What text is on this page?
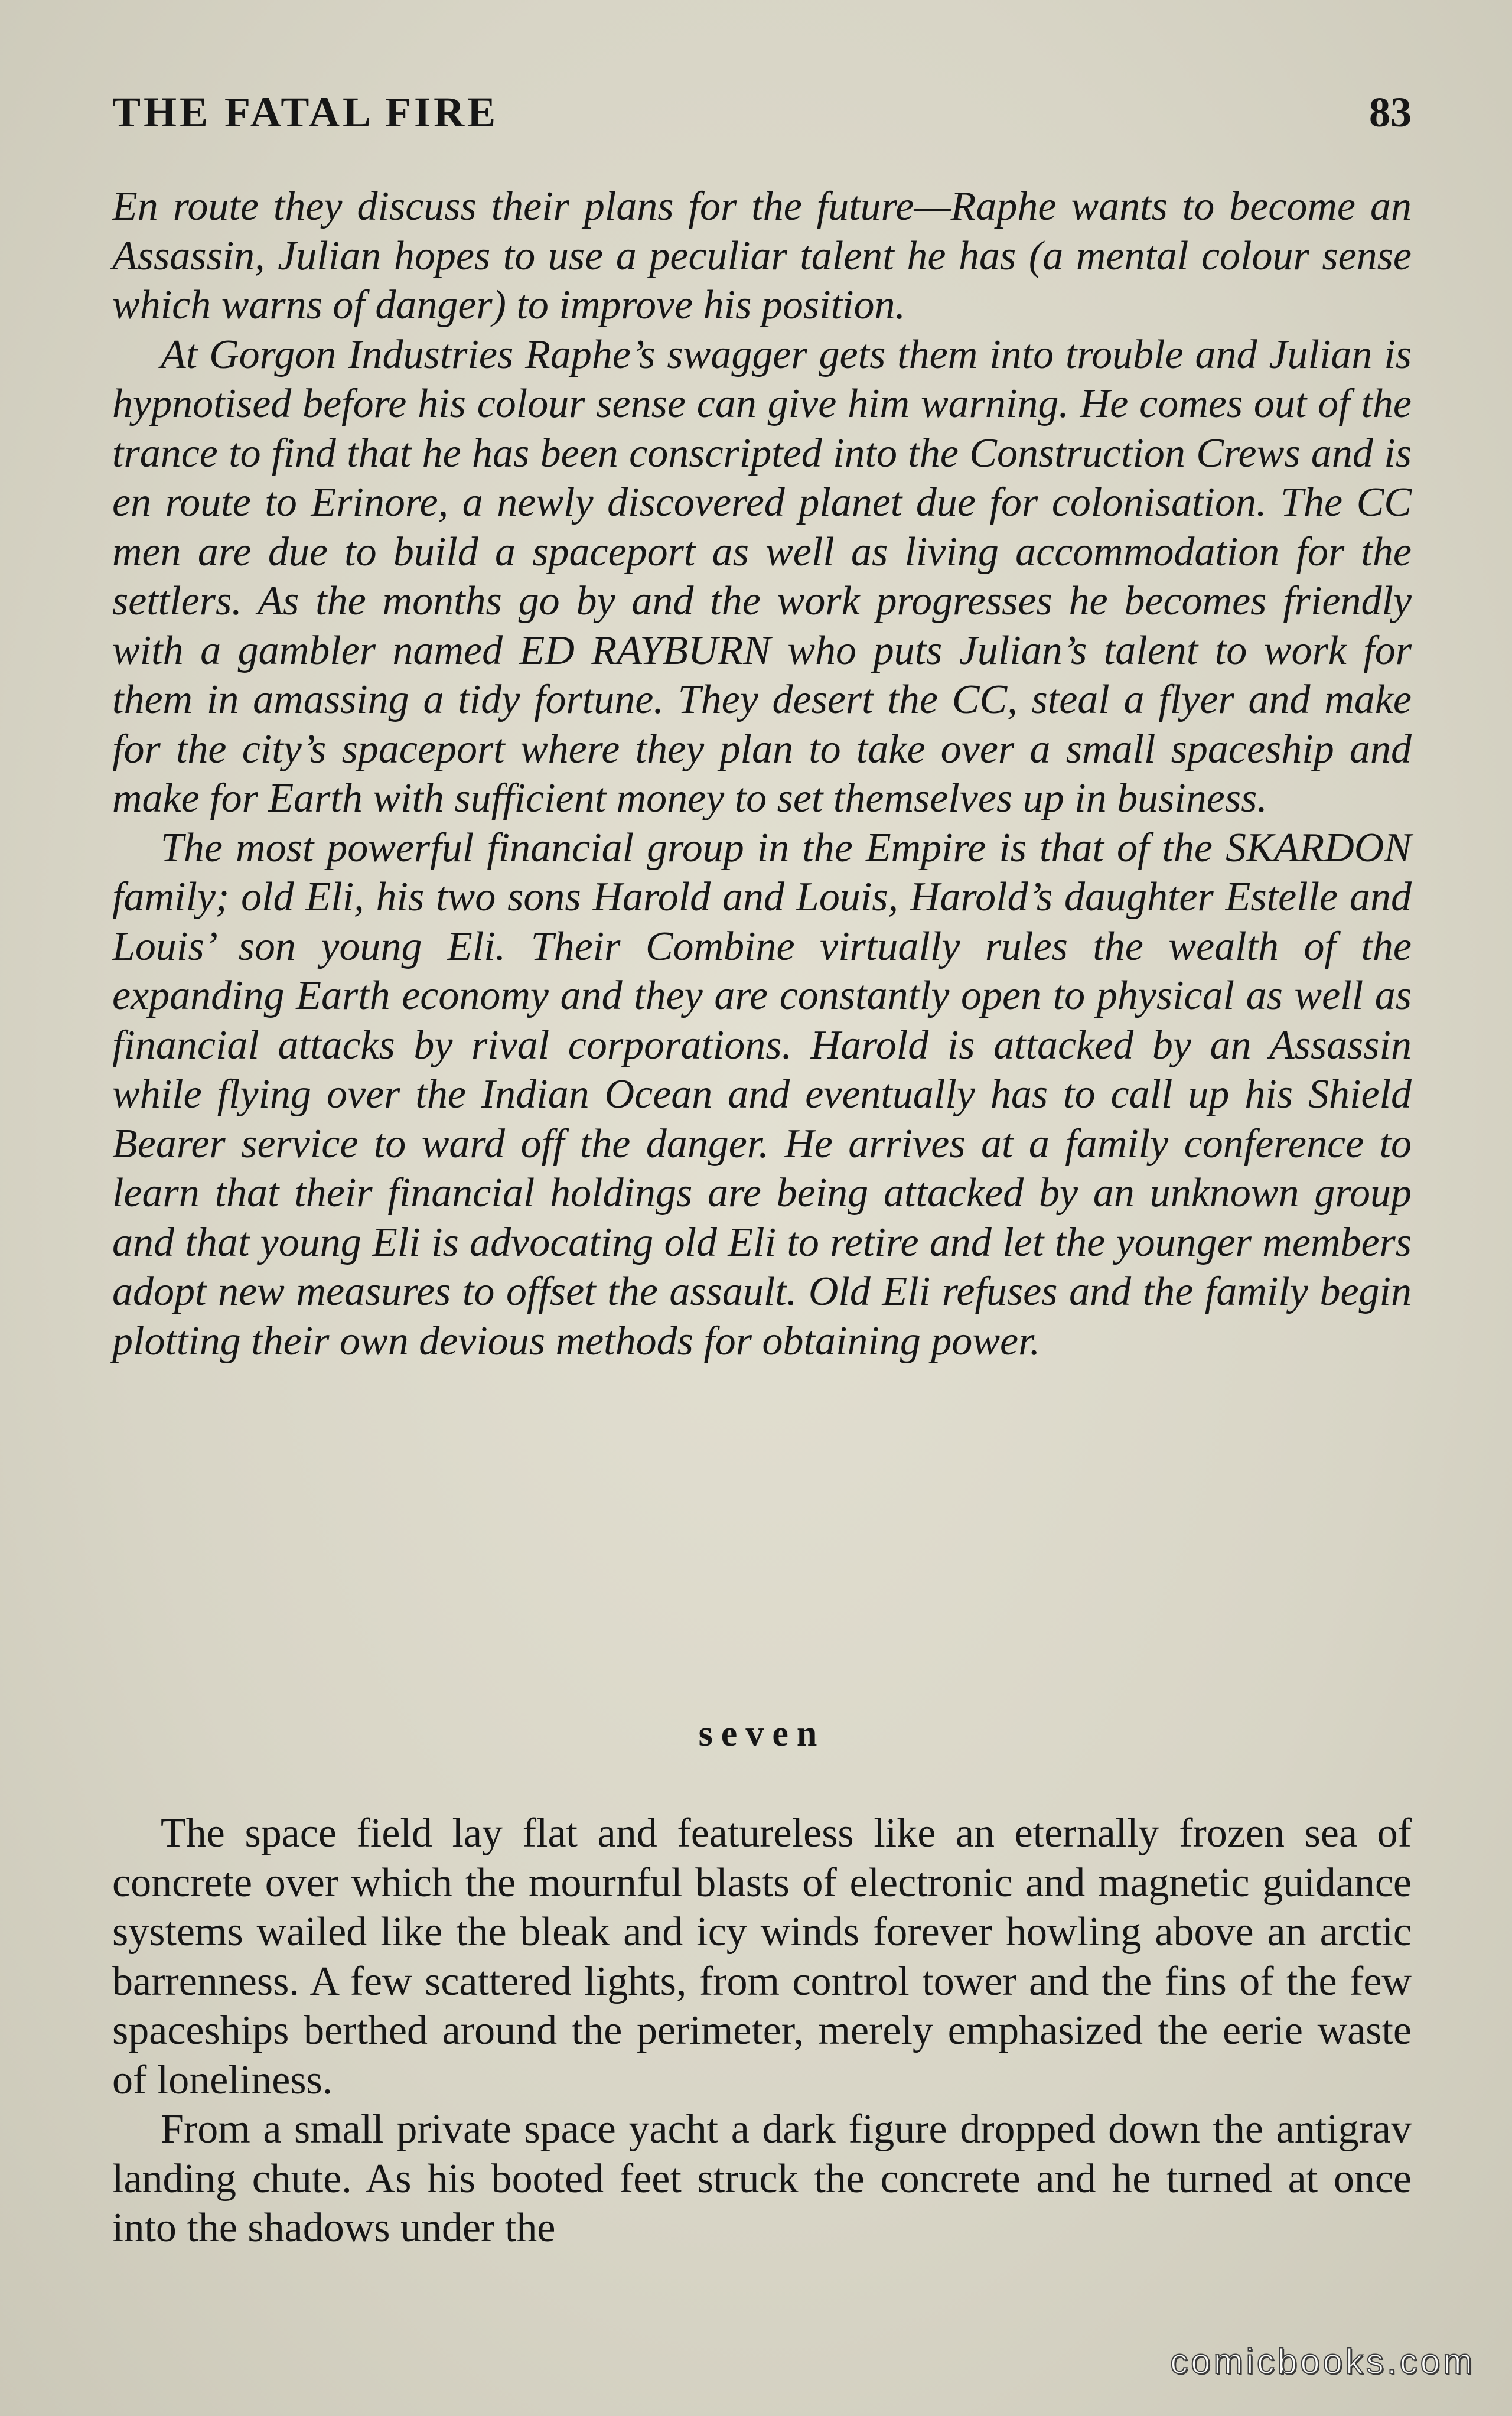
THE FATAL FIRE	83

En route they discuss their plans for the future—Raphe wants to become an Assassin, Julian hopes to use a peculiar talent he has (a mental colour sense which warns of danger) to improve his position.

At Gorgon Industries Raphe’s swagger gets them into trouble and Julian is hypnotised before his colour sense can give him warning. He comes out of the trance to find that he has been conscripted into the Construction Crews and is en route to Erinore, a newly discovered planet due for colonisation. The CC men are due to build a spaceport as well as living accommodation for the settlers. As the months go by and the work progresses he becomes friendly with a gambler named ED RAYBURN who puts Julian’s talent to work for them in amassing a tidy fortune. They desert the CC, steal a flyer and make for the city’s spaceport where they plan to take over a small spaceship and make for Earth with sufficient money to set themselves up in business.

The most powerful financial group in the Empire is that of the SKARDON family; old Eli, his two sons Harold and Louis, Harold’s daughter Estelle and Louis’ son young Eli. Their Combine virtually rules the wealth of the expanding Earth economy and they are constantly open to physical as well as financial attacks by rival corporations. Harold is attacked by an Assassin while flying over the Indian Ocean and eventually has to call up his Shield Bearer service to ward off the danger. He arrives at a family conference to learn that their financial holdings are being attacked by an unknown group and that young Eli is advocating old Eli to retire and let the younger members adopt new measures to offset the assault. Old Eli refuses and the family begin plotting their own devious methods for obtaining power.

seven

The space field lay flat and featureless like an eternally frozen sea of concrete over which the mournful blasts of electronic and magnetic guidance systems wailed like the bleak and icy winds forever howling above an arctic barrenness. A few scattered lights, from control tower and the fins of the few spaceships berthed around the perimeter, merely emphasized the eerie waste of loneliness.

From a small private space yacht a dark figure dropped down the antigrav landing chute. As his booted feet struck the concrete and he turned at once into the shadows under the

comicbooks.com
